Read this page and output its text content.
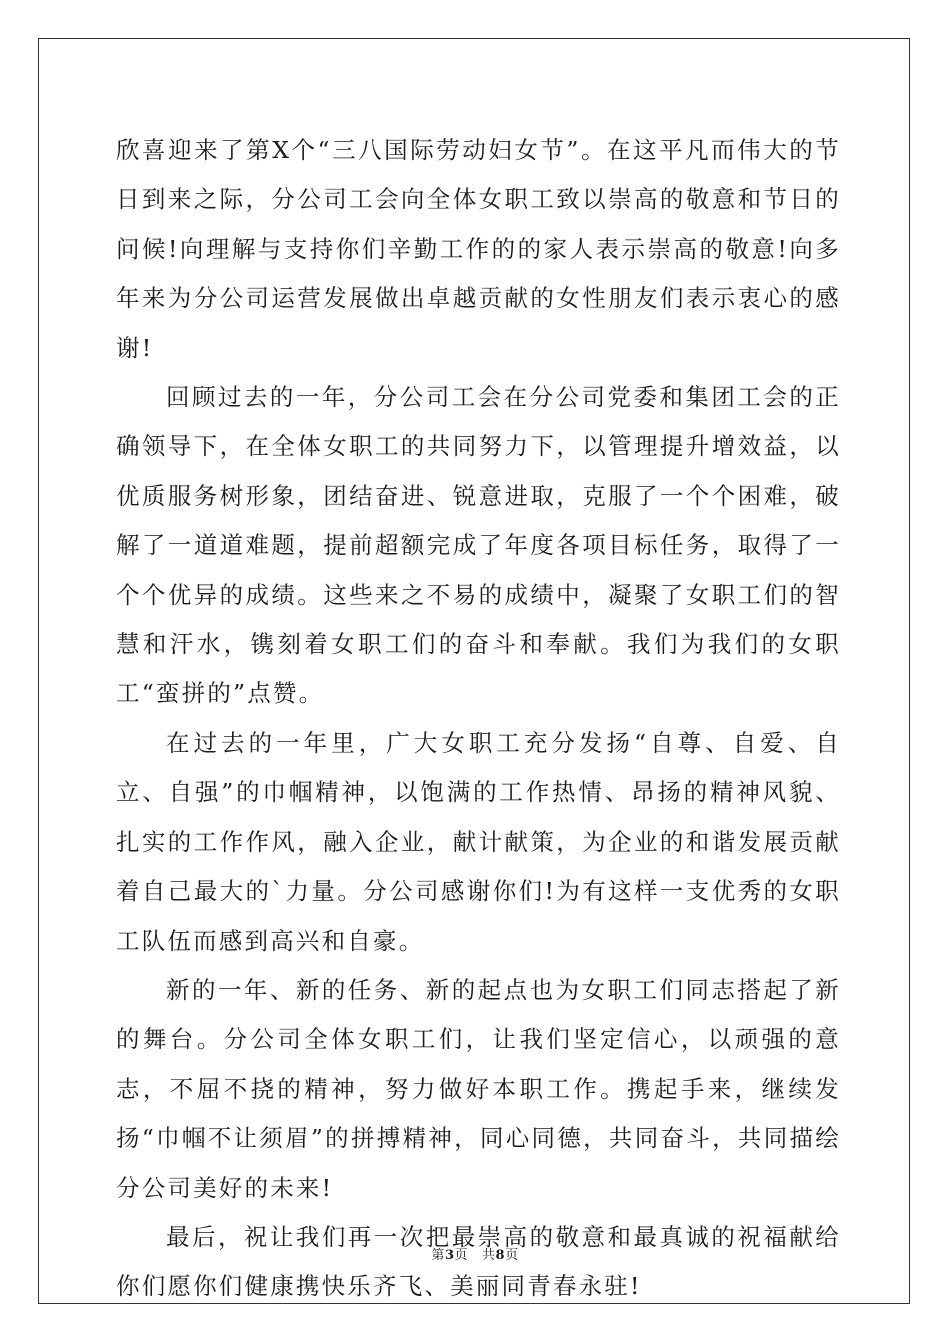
欣喜迎来了第X个“三八国际劳动妇女节”。在这平凡而伟大的节日到来之际，分公司工会向全体女职工致以崇高的敬意和节日的问候!向理解与支持你们辛勤工作的的家人表示崇高的敬意!向多年来为分公司运营发展做出卓越贡献的女性朋友们表示衷心的感谢!

回顾过去的一年，分公司工会在分公司党委和集团工会的正确领导下，在全体女职工的共同努力下，以管理提升增效益，以优质服务树形象，团结奋进、锐意进取，克服了一个个困难，破解了一道道难题，提前超额完成了年度各项目标任务，取得了一个个优异的成绩。这些来之不易的成绩中，凝聚了女职工们的智慧和汗水，镌刻着女职工们的奋斗和奉献。我们为我们的女职工“蛮拼的”点赞。

在过去的一年里，广大女职工充分发扬“自尊、自爱、自立、自强”的巾帼精神，以饱满的工作热情、昂扬的精神风貌、扎实的工作作风，融入企业，献计献策，为企业的和谐发展贡献着自己最大的`力量。分公司感谢你们!为有这样一支优秀的女职工队伍而感到高兴和自豪。

新的一年、新的任务、新的起点也为女职工们同志搭起了新的舞台。分公司全体女职工们，让我们坚定信心，以顽强的意志，不屈不挠的精神，努力做好本职工作。携起手来，继续发扬“巾帼不让须眉”的拼搏精神，同心同德，共同奋斗，共同描绘分公司美好的未来!

最后，祝让我们再一次把最崇高的敬意和最真诚的祝福献给你们愿你们健康携快乐齐飞、美丽同青春永驻!

第3页 共8页
